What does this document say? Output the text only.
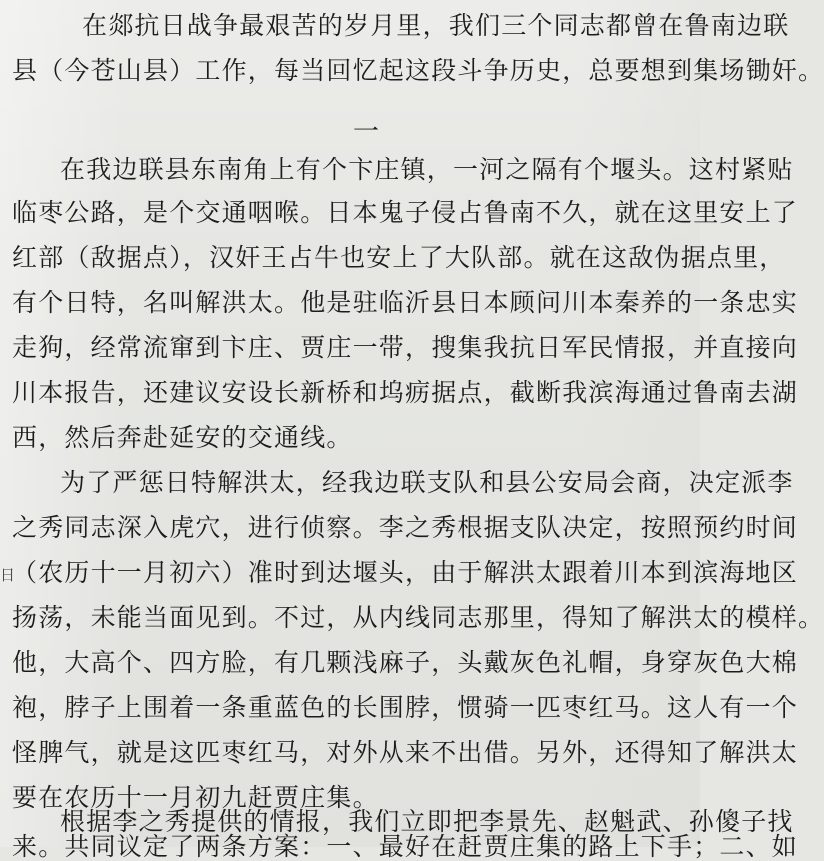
在郯抗日战争最艰苦的岁月里，我们三个同志都曾在鲁南边联
县（今苍山县）工作，每当回忆起这段斗争历史，总要想到集场锄奸。
一
在我边联县东南角上有个卞庄镇，一河之隔有个堰头。这村紧贴
临枣公路，是个交通咽喉。日本鬼子侵占鲁南不久，就在这里安上了
红部（敌据点），汉奸王占牛也安上了大队部。就在这敌伪据点里，
有个日特，名叫解洪太。他是驻临沂县日本顾问川本秦养的一条忠实
走狗，经常流窜到卞庄、贾庄一带，搜集我抗日军民情报，并直接向
川本报告，还建议安设长新桥和坞疬据点，截断我滨海通过鲁南去湖
西，然后奔赴延安的交通线。
为了严惩日特解洪太，经我边联支队和县公安局会商，决定派李
之秀同志深入虎穴，进行侦察。李之秀根据支队决定，按照预约时间
（农历十一月初六）准时到达堰头，由于解洪太跟着川本到滨海地区
扬荡，未能当面见到。不过，从内线同志那里，得知了解洪太的模样。
他，大高个、四方脸，有几颗浅麻子，头戴灰色礼帽，身穿灰色大棉
袍，脖子上围着一条重蓝色的长围脖，惯骑一匹枣红马。这人有一个
怪脾气，就是这匹枣红马，对外从来不出借。另外，还得知了解洪太
要在农历十一月初九赶贾庄集。
根据李之秀提供的情报，我们立即把李景先、赵魁武、孙傻子找
来。共同议定了两条方案：一、最好在赶贾庄集的路上下手；二、如
日
